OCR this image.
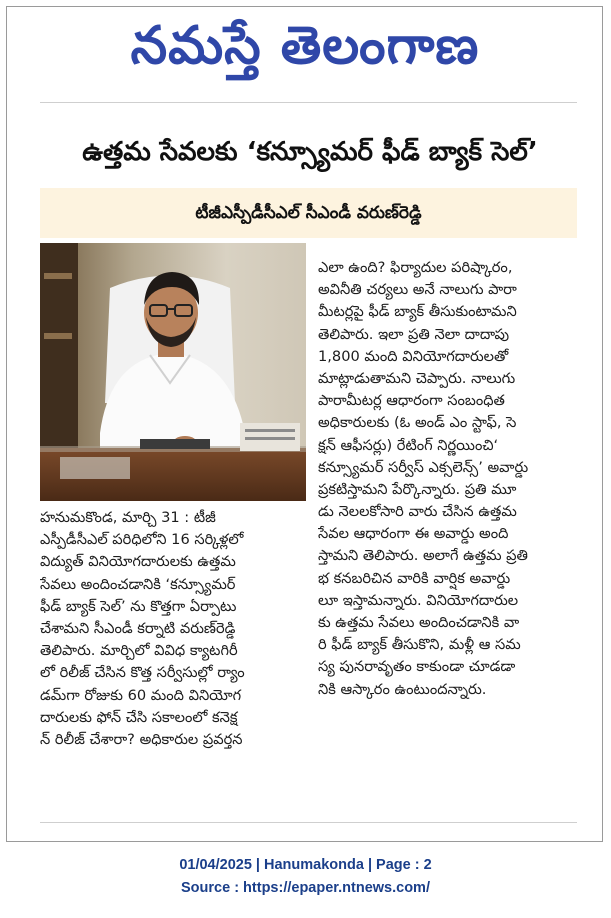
నమస్తే తెలంగాణ
ఉత్తమ సేవలకు ‘కన్స్యూమర్ ఫీడ్ బ్యాక్ సెల్’
టీజీఎస్పీడీసీఎల్ సీఎండీ వరుణ్‌రెడ్డి
హనుమకొండ, మార్చి 31 : టీజీ
ఎస్పీడీసీఎల్ పరిధిలోని 16 సర్కిళ్లలో
విద్యుత్ వినియోగదారులకు ఉత్తమ
సేవలు అందించడానికి ‘కన్స్యూమర్
ఫీడ్ బ్యాక్ సెల్’ ను కొత్తగా ఏర్పాటు
చేశామని సీఎండీ కర్నాటి వరుణ్‌రెడ్డి
తెలిపారు. మార్చిలో వివిధ క్యాటగిరీ
లో రిలీజ్ చేసిన కొత్త సర్వీసుల్లో ర్యాం
డమ్‌గా రోజుకు 60 మంది వినియోగ
దారులకు ఫోన్ చేసి సకాలంలో కనెక్ష
న్ రిలీజ్ చేశారా? అధికారుల ప్రవర్తన
ఎలా ఉంది? ఫిర్యాదుల పరిష్కారం,
అవినీతి చర్యలు అనే నాలుగు పారా
మీటర్లపై ఫీడ్ బ్యాక్ తీసుకుంటామని
తెలిపారు. ఇలా ప్రతి నెలా దాదాపు
1,800 మంది వినియోగదారులతో
మాట్లాడుతామని చెప్పారు. నాలుగు
పారామీటర్ల ఆధారంగా సంబంధిత
అధికారులకు (ఓ అండ్ ఎం స్టాఫ్, సె
క్షన్ ఆఫీసర్లు) రేటింగ్ నిర్ణయించి‘
కన్స్యూమర్ సర్వీస్ ఎక్సలెన్స్’ అవార్డు
ప్రకటిస్తామని పేర్కొన్నారు. ప్రతి మూ
డు నెలలకోసారి వారు చేసిన ఉత్తమ
సేవల ఆధారంగా ఈ అవార్డు అంది
స్తామని తెలిపారు. అలాగే ఉత్తమ ప్రతి
భ కనబరిచిన వారికి వార్షిక అవార్డు
లూ ఇస్తామన్నారు. వినియోగదారుల
కు ఉత్తమ సేవలు అందించడానికి వా
రి ఫీడ్ బ్యాక్ తీసుకొని, మళ్లీ ఆ సమ
స్య పునరావృతం కాకుండా చూడడా
నికి ఆస్కారం ఉంటుందన్నారు.
01/04/2025 | Hanumakonda | Page : 2
Source : https://epaper.ntnews.com/
